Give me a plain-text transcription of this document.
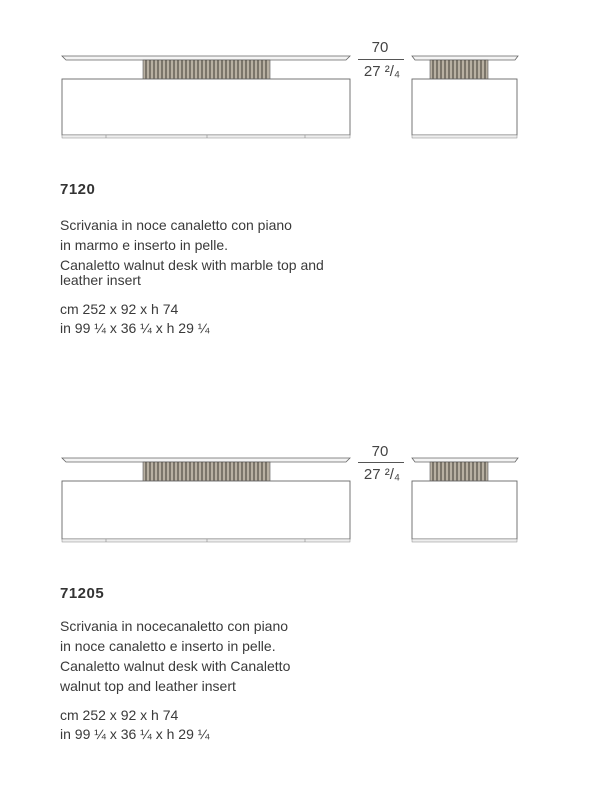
70
27 ²/₄
7120
Scrivania in noce canaletto con piano
in marmo e inserto in pelle.
Canaletto walnut desk with marble top and
leather insert
cm 252 x 92 x h 74
in 99 ¼ x 36 ¼ x h 29 ¼
70
27 ²/₄
71205
Scrivania in nocecanaletto con piano
in noce canaletto e inserto in pelle.
Canaletto walnut desk with Canaletto
walnut top and leather insert
cm 252 x 92 x h 74
in 99 ¼ x 36 ¼ x h 29 ¼
